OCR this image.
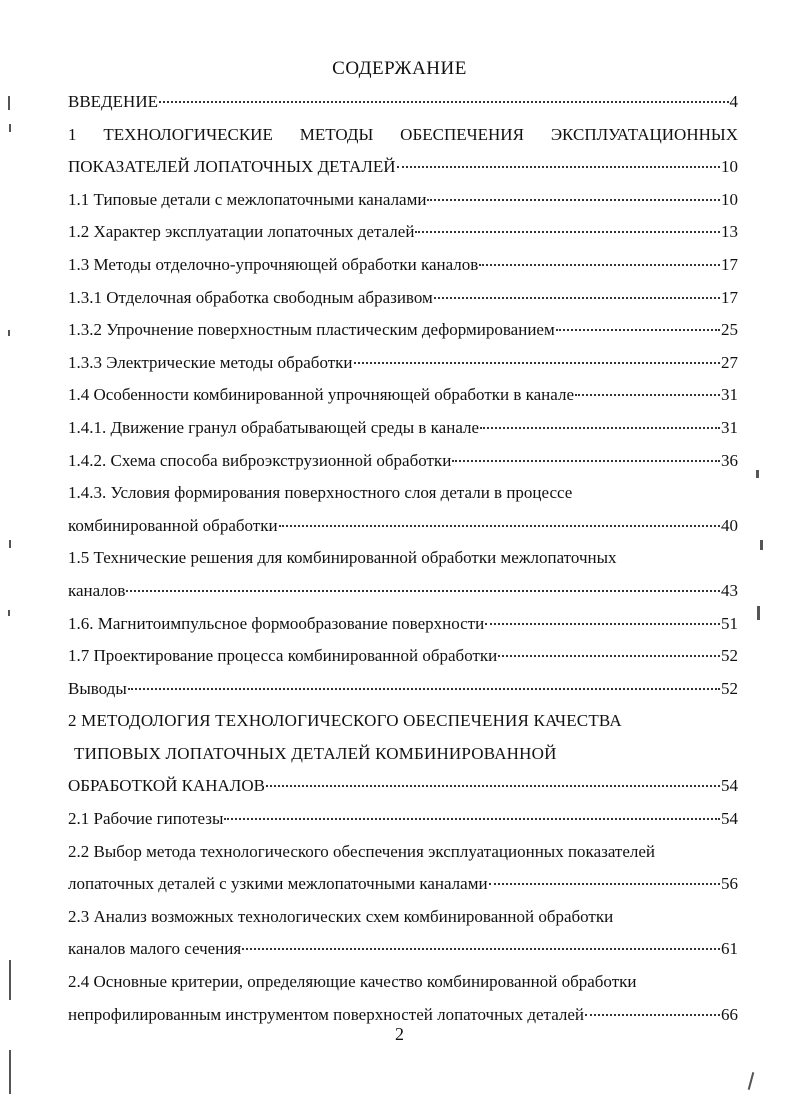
СОДЕРЖАНИЕ
ВВЕДЕНИЕ	4
1 ТЕХНОЛОГИЧЕСКИЕ МЕТОДЫ ОБЕСПЕЧЕНИЯ ЭКСПЛУАТАЦИОННЫХ
ПОКАЗАТЕЛЕЙ ЛОПАТОЧНЫХ ДЕТАЛЕЙ	10
1.1 Типовые детали с межлопаточными каналами	10
1.2 Характер эксплуатации лопаточных деталей	13
1.3 Методы отделочно-упрочняющей обработки каналов	17
1.3.1 Отделочная обработка свободным абразивом	17
1.3.2 Упрочнение поверхностным пластическим деформированием	25
1.3.3 Электрические методы обработки	27
1.4 Особенности комбинированной упрочняющей обработки в канале	31
1.4.1. Движение гранул обрабатывающей среды в канале	31
1.4.2. Схема способа виброэкструзионной обработки	36
1.4.3. Условия формирования поверхностного слоя детали в процессе
комбинированной обработки	40
1.5 Технические решения для комбинированной обработки межлопаточных
каналов	43
1.6. Магнитоимпульсное формообразование поверхности	51
1.7 Проектирование процесса комбинированной обработки	52
Выводы	52
2 МЕТОДОЛОГИЯ ТЕХНОЛОГИЧЕСКОГО ОБЕСПЕЧЕНИЯ КАЧЕСТВА
ТИПОВЫХ ЛОПАТОЧНЫХ ДЕТАЛЕЙ КОМБИНИРОВАННОЙ
ОБРАБОТКОЙ КАНАЛОВ	54
2.1 Рабочие гипотезы	54
2.2 Выбор метода технологического обеспечения эксплуатационных показателей
лопаточных деталей с узкими межлопаточными каналами	56
2.3 Анализ возможных технологических схем комбинированной обработки
каналов малого сечения	61
2.4 Основные критерии, определяющие качество комбинированной обработки
непрофилированным инструментом поверхностей лопаточных деталей	66
2
